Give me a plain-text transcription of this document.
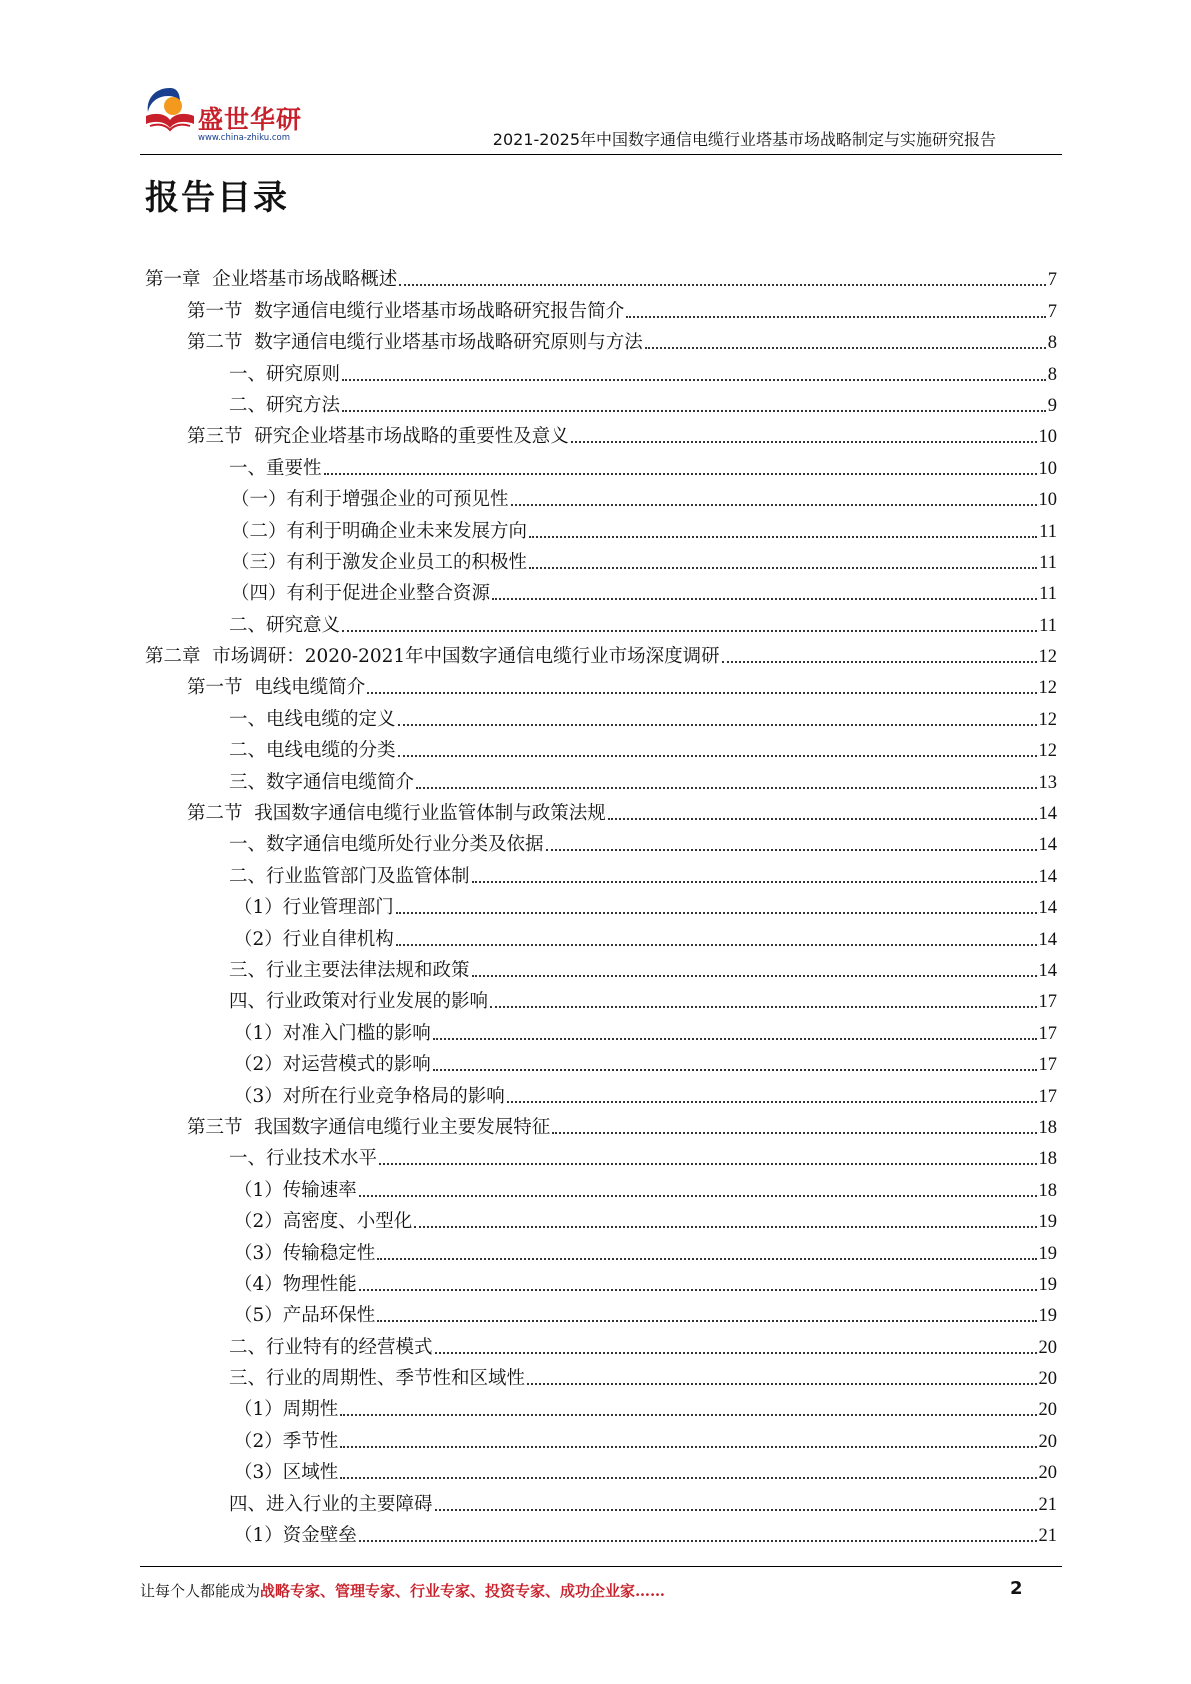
盛世华研
www.china-zhiku.com	2021-2025年中国数字通信电缆行业塔基市场战略制定与实施研究报告
报告目录
第一章  企业塔基市场战略概述	7
第一节  数字通信电缆行业塔基市场战略研究报告简介	7
第二节  数字通信电缆行业塔基市场战略研究原则与方法	8
一、研究原则	8
二、研究方法	9
第三节  研究企业塔基市场战略的重要性及意义	10
一、重要性	10
（一）有利于增强企业的可预见性	10
（二）有利于明确企业未来发展方向	11
（三）有利于激发企业员工的积极性	11
（四）有利于促进企业整合资源	11
二、研究意义	11
第二章  市场调研：2020-2021年中国数字通信电缆行业市场深度调研	12
第一节  电线电缆简介	12
一、电线电缆的定义	12
二、电线电缆的分类	12
三、数字通信电缆简介	13
第二节  我国数字通信电缆行业监管体制与政策法规	14
一、数字通信电缆所处行业分类及依据	14
二、行业监管部门及监管体制	14
（1）行业管理部门	14
（2）行业自律机构	14
三、行业主要法律法规和政策	14
四、行业政策对行业发展的影响	17
（1）对准入门槛的影响	17
（2）对运营模式的影响	17
（3）对所在行业竞争格局的影响	17
第三节  我国数字通信电缆行业主要发展特征	18
一、行业技术水平	18
（1）传输速率	18
（2）高密度、小型化	19
（3）传输稳定性	19
（4）物理性能	19
（5）产品环保性	19
二、行业特有的经营模式	20
三、行业的周期性、季节性和区域性	20
（1）周期性	20
（2）季节性	20
（3）区域性	20
四、进入行业的主要障碍	21
（1）资金壁垒	21
让每个人都能成为战略专家、管理专家、行业专家、投资专家、成功企业家……	2
